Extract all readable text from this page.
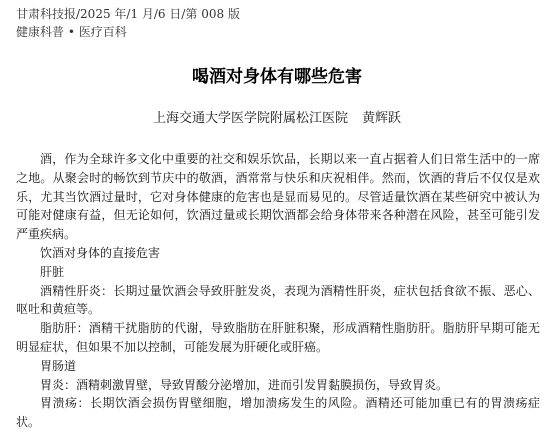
甘肃科技报/2025 年/1 月/6 日/第 008 版
健康科普 • 医疗百科
喝酒对身体有哪些危害
上海交通大学医学院附属松江医院 黄辉跃

酒，作为全球许多文化中重要的社交和娱乐饮品，长期以来一直占据着人们日常生活中的一席之地。从聚会时的畅饮到节庆中的敬酒，酒常常与快乐和庆祝相伴。然而，饮酒的背后不仅仅是欢乐，尤其当饮酒过量时，它对身体健康的危害也是显而易见的。尽管适量饮酒在某些研究中被认为可能对健康有益，但无论如何，饮酒过量或长期饮酒都会给身体带来各种潜在风险，甚至可能引发严重疾病。

饮酒对身体的直接危害

肝脏

酒精性肝炎：长期过量饮酒会导致肝脏发炎，表现为酒精性肝炎，症状包括食欲不振、恶心、呕吐和黄疸等。

脂肪肝：酒精干扰脂肪的代谢，导致脂肪在肝脏积聚，形成酒精性脂肪肝。脂肪肝早期可能无明显症状，但如果不加以控制，可能发展为肝硬化或肝癌。

胃肠道

胃炎：酒精刺激胃壁，导致胃酸分泌增加，进而引发胃黏膜损伤，导致胃炎。

胃溃疡：长期饮酒会损伤胃壁细胞，增加溃疡发生的风险。酒精还可能加重已有的胃溃疡症状。
